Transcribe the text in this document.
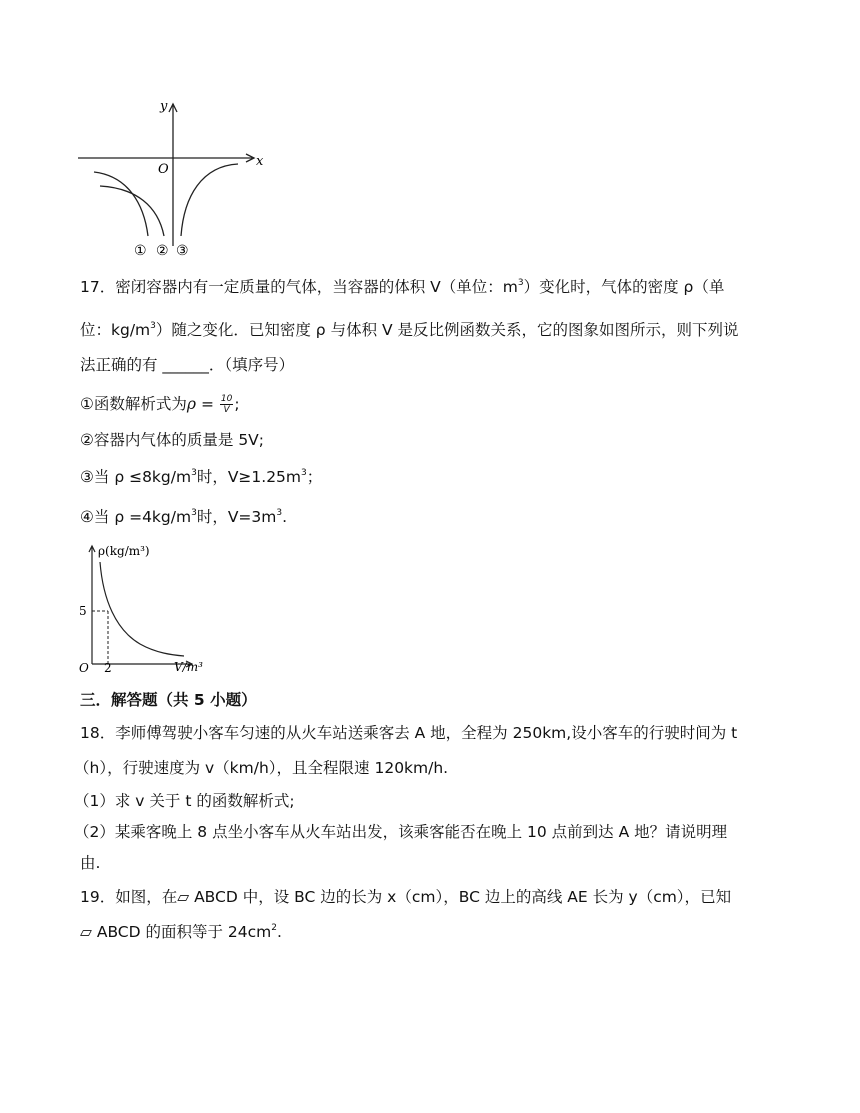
y
x
O
① ② ③
17．密闭容器内有一定质量的气体，当容器的体积 V（单位：$m^3$）变化时，气体的密度 ρ（单
位：$kg/m^3$）随之变化．已知密度 ρ 与体积 V 是反比例函数关系，它的图象如图所示，则下列说
法正确的有 ______．（填序号）
①函数解析式为$\rho = \frac{10}{V}$ ;
②容器内气体的质量是 5V;
③当 $\rho \le 8kg/m^3$时，$V\ge 1.25m^3$；
④当 $\rho =4kg/m^3$时，$V=3m^3$.
ρ(kg/m³)
V/m³
O
5
2
三．解答题（共 5 小题）
18．李师傅驾驶小客车匀速的从火车站送乘客去 A 地，全程为 250km,设小客车的行驶时间为 t
（h），行驶速度为 v（km/h），且全程限速 120km/h.
（1）求 v 关于 t 的函数解析式;
（2）某乘客晚上 8 点坐小客车从火车站出发，该乘客能否在晚上 10 点前到达 A 地？请说明理
由.
19．如图，在▱ ABCD 中，设 BC 边的长为 x（cm），BC 边上的高线 AE 长为 y（cm），已知
▱ ABCD 的面积等于 $24cm^2$.
